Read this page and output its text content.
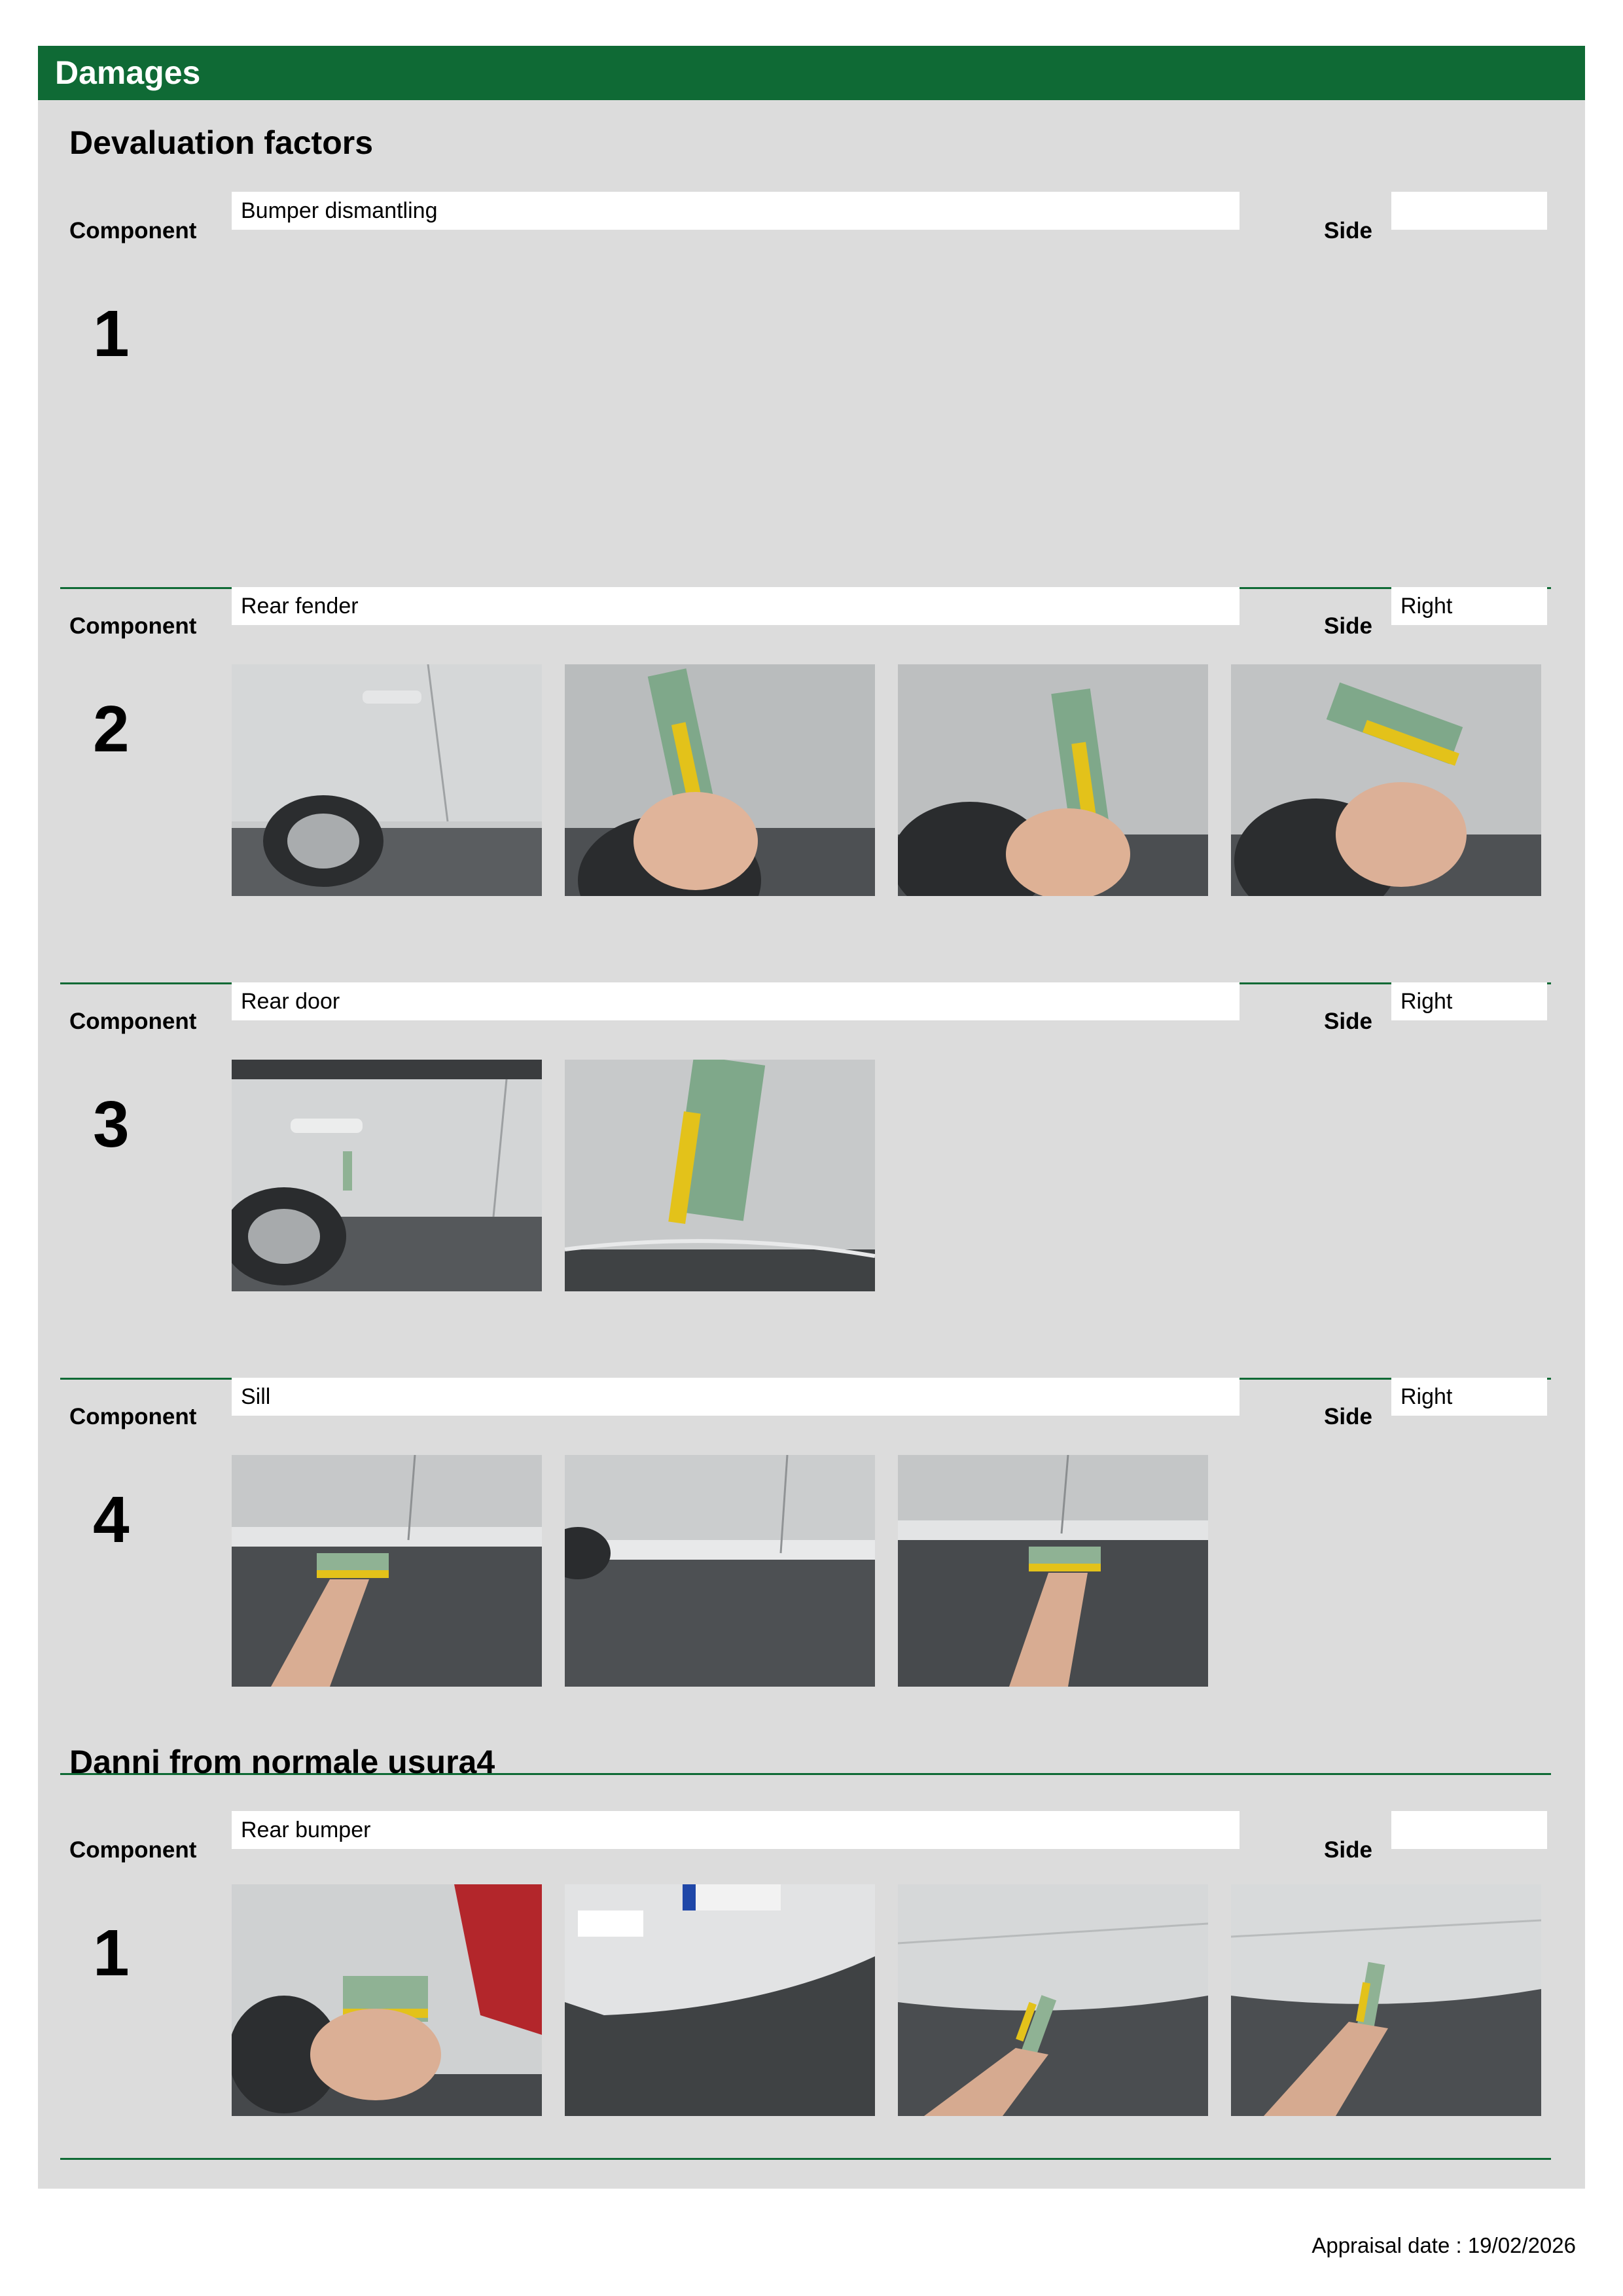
Damages
Devaluation factors
Component
Bumper dismantling
Side
1
Component
Rear fender
Side
Right
2
Component
Rear door
Side
Right
3
Component
Sill
Side
Right
4
Danni from normale usura4
Component
Rear bumper
Side
1
Appraisal date : 19/02/2026
